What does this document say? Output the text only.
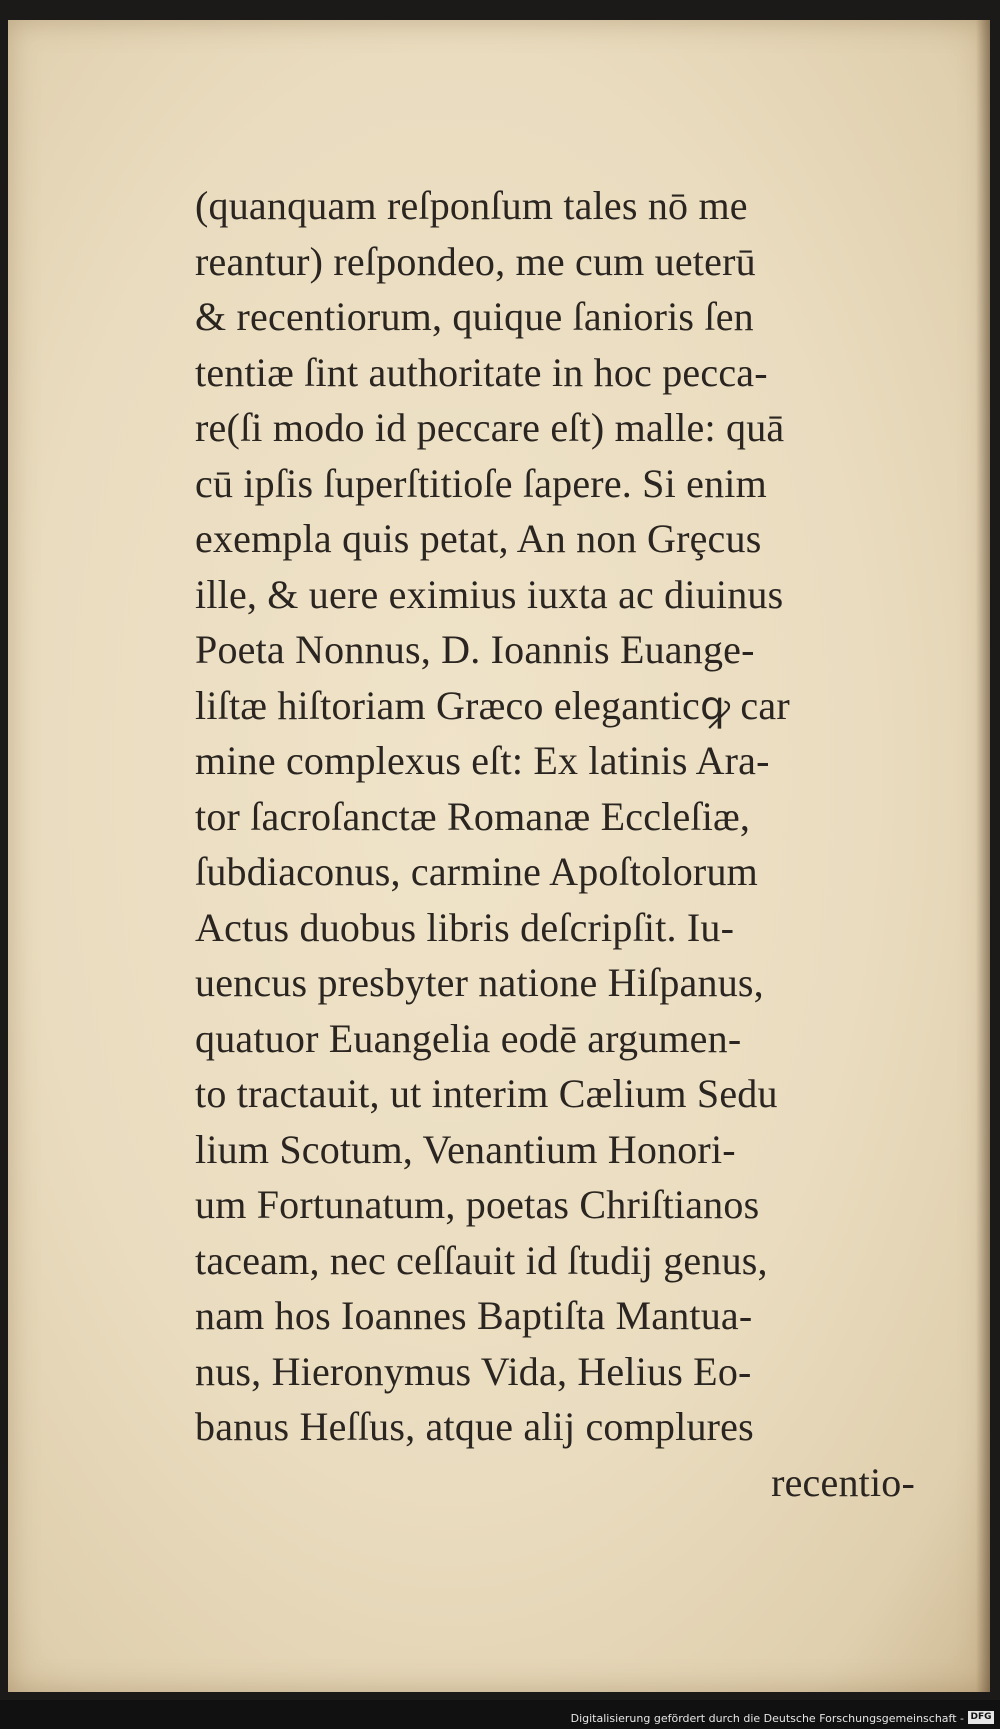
(quanquam reſponſum tales nō me
reantur) reſpondeo, me cum ueterū
& recentiorum, quique ſanioris ſen
tentiæ ſint authoritate in hoc pecca-
re(ſi modo id peccare eſt) malle: quā
cū ipſis ſuperſtitioſe ſapere. Si enim
exempla quis petat, An non Grȩcus
ille, & uere eximius iuxta ac diuinus
Poeta Nonnus, D. Ioannis Euange-
liſtæ hiſtoriam Græco eleganticꝙ car
mine complexus eſt: Ex latinis Ara-
tor ſacroſanctæ Romanæ Eccleſiæ,
ſubdiaconus, carmine Apoſtolorum
Actus duobus libris deſcripſit. Iu-
uencus presbyter natione Hiſpanus,
quatuor Euangelia eodē argumen-
to tractauit, ut interim Cælium Sedu
lium Scotum, Venantium Honori-
um Fortunatum, poetas Chriſtianos
taceam, nec ceſſauit id ſtudij genus,
nam hos Ioannes Baptiſta Mantua-
nus, Hieronymus Vida, Helius Eo-
banus Heſſus, atque alij complures
recentio-
Digitalisierung gefördert durch die Deutsche Forschungsgemeinschaft - DFG
